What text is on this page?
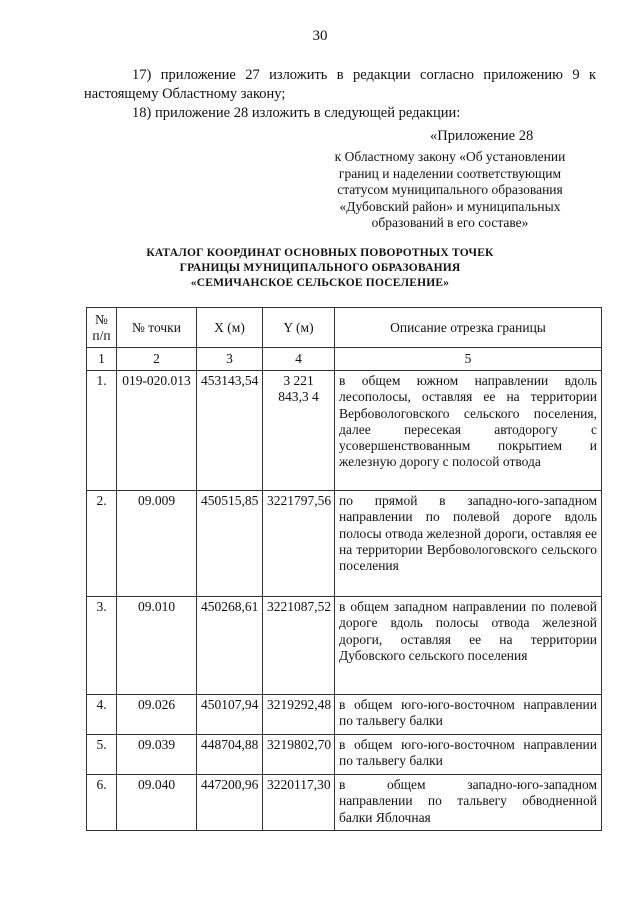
30
17) приложение 27 изложить в редакции согласно приложению 9 к настоящему Областному закону;
18) приложение 28 изложить в следующей редакции:
«Приложение 28
к Областному закону «Об установлении
границ и наделении соответствующим
статусом муниципального образования
«Дубовский район» и муниципальных
образований в его составе»
КАТАЛОГ КООРДИНАТ ОСНОВНЫХ ПОВОРОТНЫХ ТОЧЕК
ГРАНИЦЫ МУНИЦИПАЛЬНОГО ОБРАЗОВАНИЯ
«СЕМИЧАНСКОЕ СЕЛЬСКОЕ ПОСЕЛЕНИЕ»
№ п/п	№ точки	X (м)	Y (м)	Описание отрезка границы
1	2	3	4	5
1.	019-020.013	453143,54	3 221 843,3 4	в общем южном направлении вдоль лесополосы, оставляя ее на территории Вербовологовского сельского поселения, далее пересекая автодорогу с усовершенствованным покрытием и железную дорогу с полосой отвода
2.	09.009	450515,85	3221797,56	по прямой в западно-юго-западном направлении по полевой дороге вдоль полосы отвода железной дороги, оставляя ее на территории Вербовологовского сельского поселения
3.	09.010	450268,61	3221087,52	в общем западном направлении по полевой дороге вдоль полосы отвода железной дороги, оставляя ее на территории Дубовского сельского поселения
4.	09.026	450107,94	3219292,48	в общем юго-юго-восточном направлении по тальвегу балки
5.	09.039	448704,88	3219802,70	в общем юго-юго-восточном направлении по тальвегу балки
6.	09.040	447200,96	3220117,30	в общем западно-юго-западном направлении по тальвегу обводненной балки Яблочная
